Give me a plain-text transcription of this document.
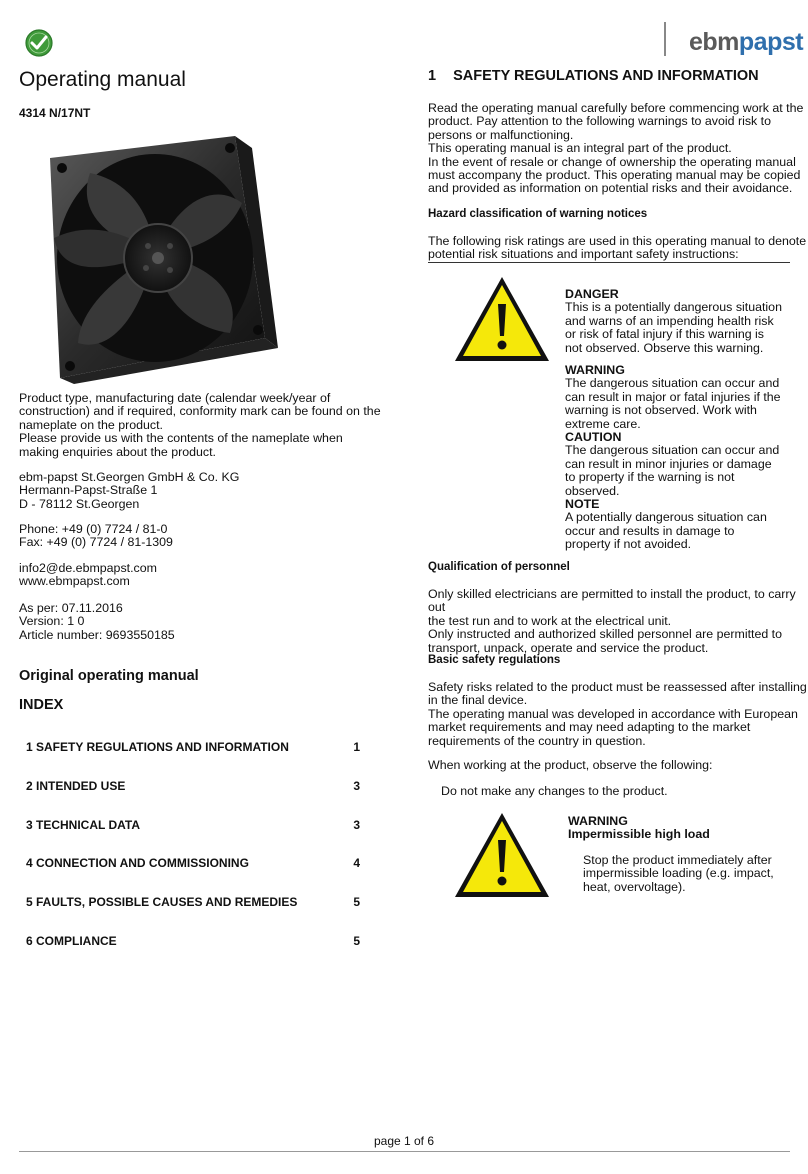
ebmpapst
Operating manual
4314 N/17NT

Product type, manufacturing date (calendar week/year of construction) and if required, conformity mark can be found on the nameplate on the product.

Please provide us with the contents of the nameplate when making enquiries about the product.

ebm-papst St.Georgen GmbH & Co. KG

Hermann-Papst-Straße 1

D - 78112 St.Georgen

Phone: +49 (0) 7724 / 81-0

Fax: +49 (0) 7724 / 81-1309

info2@de.ebmpapst.com

www.ebmpapst.com

As per: 07.11.2016

Version: 1 0

Article number: 9693550185

Original operating manual
INDEX
1 SAFETY REGULATIONS AND INFORMATION	1
2 INTENDED USE	3
3 TECHNICAL DATA	3
4 CONNECTION AND COMMISSIONING	4
5 FAULTS, POSSIBLE CAUSES AND REMEDIES	5
6 COMPLIANCE	5
1 SAFETY REGULATIONS AND INFORMATION

Read the operating manual carefully before commencing work at the

product. Pay attention to the following warnings to avoid risk to

persons or malfunctioning.

This operating manual is an integral part of the product.

In the event of resale or change of ownership the operating manual

must accompany the product. This operating manual may be copied

and provided as information on potential risks and their avoidance.

Hazard classification of warning notices

The following risk ratings are used in this operating manual to denote

potential risk situations and important safety instructions:

DANGER

This is a potentially dangerous situation

and warns of an impending health risk

or risk of fatal injury if this warning is

not observed. Observe this warning.

WARNING

The dangerous situation can occur and

can result in major or fatal injuries if the

warning is not observed. Work with

extreme care.

CAUTION

The dangerous situation can occur and

can result in minor injuries or damage

to property if the warning is not

observed.

NOTE

A potentially dangerous situation can

occur and results in damage to

property if not avoided.

Qualification of personnel

Only skilled electricians are permitted to install the product, to carry out

the test run and to work at the electrical unit.

Only instructed and authorized skilled personnel are permitted to

transport, unpack, operate and service the product.

Basic safety regulations

Safety risks related to the product must be reassessed after installing

in the final device.

The operating manual was developed in accordance with European

market requirements and may need adapting to the market

requirements of the country in question.

When working at the product, observe the following:
Do not make any changes to the product.

WARNING

Impermissible high load

Stop the product immediately after

impermissible loading (e.g. impact,

heat, overvoltage).

page 1 of 6
